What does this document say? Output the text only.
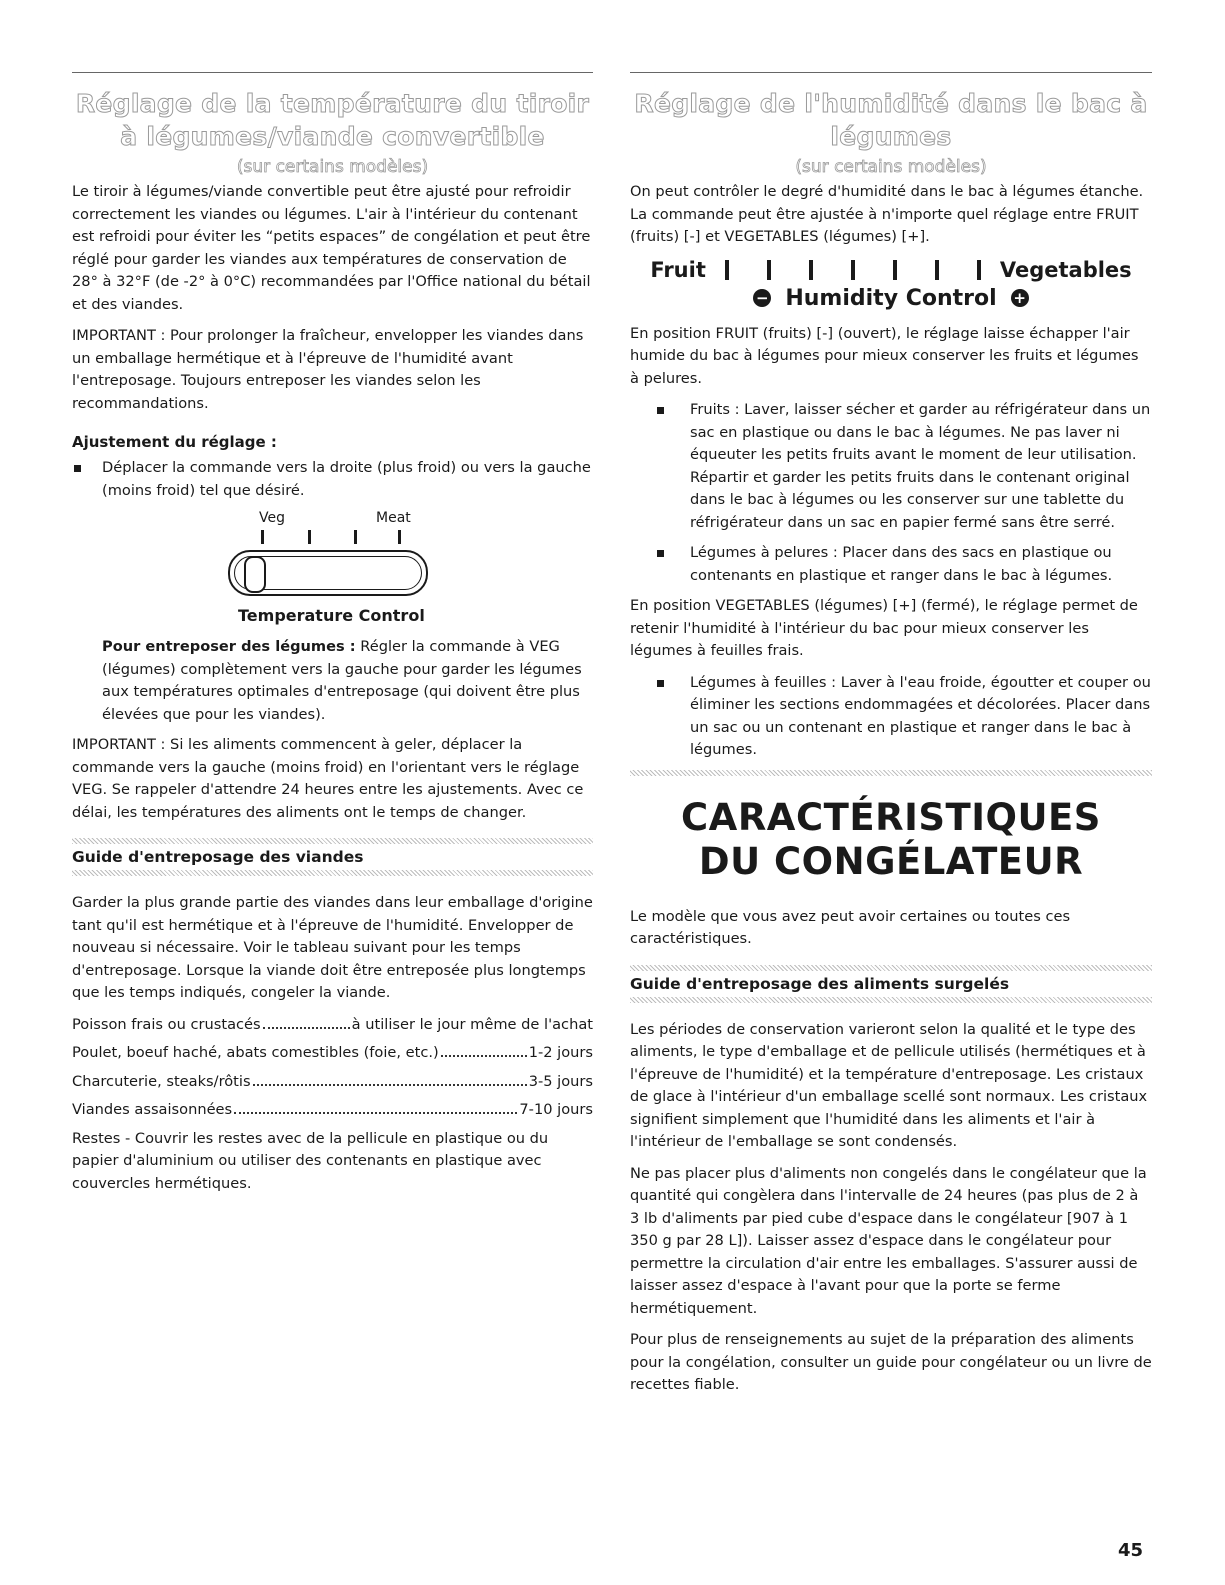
Réglage de la température du tiroir à légumes/viande convertible
(sur certains modèles)

Le tiroir à légumes/viande convertible peut être ajusté pour refroidir correctement les viandes ou légumes. L'air à l'intérieur du contenant est refroidi pour éviter les “petits espaces” de congélation et peut être réglé pour garder les viandes aux températures de conservation de 28° à 32°F (de -2° à 0°C) recommandées par l'Office national du bétail et des viandes.

IMPORTANT : Pour prolonger la fraîcheur, envelopper les viandes dans un emballage hermétique et à l'épreuve de l'humidité avant l'entreposage. Toujours entreposer les viandes selon les recommandations.

Ajustement du réglage :
Déplacer la commande vers la droite (plus froid) ou vers la gauche (moins froid) tel que désiré.
Veg	Meat
Temperature Control
Pour entreposer des légumes : Régler la commande à VEG (légumes) complètement vers la gauche pour garder les légumes aux températures optimales d'entreposage (qui doivent être plus élevées que pour les viandes).

IMPORTANT : Si les aliments commencent à geler, déplacer la commande vers la gauche (moins froid) en l'orientant vers le réglage VEG. Se rappeler d'attendre 24 heures entre les ajustements. Avec ce délai, les températures des aliments ont le temps de changer.

Guide d'entreposage des viandes

Garder la plus grande partie des viandes dans leur emballage d'origine tant qu'il est hermétique et à l'épreuve de l'humidité. Envelopper de nouveau si nécessaire. Voir le tableau suivant pour les temps d'entreposage. Lorsque la viande doit être entreposée plus longtemps que les temps indiqués, congeler la viande.

Poisson frais ou crustacés	à utiliser le jour même de l'achat
Poulet, boeuf haché, abats comestibles (foie, etc.)	1-2 jours
Charcuterie, steaks/rôtis	3-5 jours
Viandes assaisonnées	7-10 jours

Restes - Couvrir les restes avec de la pellicule en plastique ou du papier d'aluminium ou utiliser des contenants en plastique avec couvercles hermétiques.

Réglage de l'humidité dans le bac à légumes
(sur certains modèles)

On peut contrôler le degré d'humidité dans le bac à légumes étanche. La commande peut être ajustée à n'importe quel réglage entre FRUIT (fruits) [-] et VEGETABLES (légumes) [+].

Fruit	Vegetables
− Humidity Control +

En position FRUIT (fruits) [-] (ouvert), le réglage laisse échapper l'air humide du bac à légumes pour mieux conserver les fruits et légumes à pelures.

Fruits : Laver, laisser sécher et garder au réfrigérateur dans un sac en plastique ou dans le bac à légumes. Ne pas laver ni équeuter les petits fruits avant le moment de leur utilisation. Répartir et garder les petits fruits dans le contenant original dans le bac à légumes ou les conserver sur une tablette du réfrigérateur dans un sac en papier fermé sans être serré.
Légumes à pelures : Placer dans des sacs en plastique ou contenants en plastique et ranger dans le bac à légumes.

En position VEGETABLES (légumes) [+] (fermé), le réglage permet de retenir l'humidité à l'intérieur du bac pour mieux conserver les légumes à feuilles frais.

Légumes à feuilles : Laver à l'eau froide, égoutter et couper ou éliminer les sections endommagées et décolorées. Placer dans un sac ou un contenant en plastique et ranger dans le bac à légumes.
CARACTÉRISTIQUES
DU CONGÉLATEUR

Le modèle que vous avez peut avoir certaines ou toutes ces caractéristiques.

Guide d'entreposage des aliments surgelés

Les périodes de conservation varieront selon la qualité et le type des aliments, le type d'emballage et de pellicule utilisés (hermétiques et à l'épreuve de l'humidité) et la température d'entreposage. Les cristaux de glace à l'intérieur d'un emballage scellé sont normaux. Les cristaux signifient simplement que l'humidité dans les aliments et l'air à l'intérieur de l'emballage se sont condensés.

Ne pas placer plus d'aliments non congelés dans le congélateur que la quantité qui congèlera dans l'intervalle de 24 heures (pas plus de 2 à 3 lb d'aliments par pied cube d'espace dans le congélateur [907 à 1 350 g par 28 L]). Laisser assez d'espace dans le congélateur pour permettre la circulation d'air entre les emballages. S'assurer aussi de laisser assez d'espace à l'avant pour que la porte se ferme hermétiquement.

Pour plus de renseignements au sujet de la préparation des aliments pour la congélation, consulter un guide pour congélateur ou un livre de recettes fiable.

45
